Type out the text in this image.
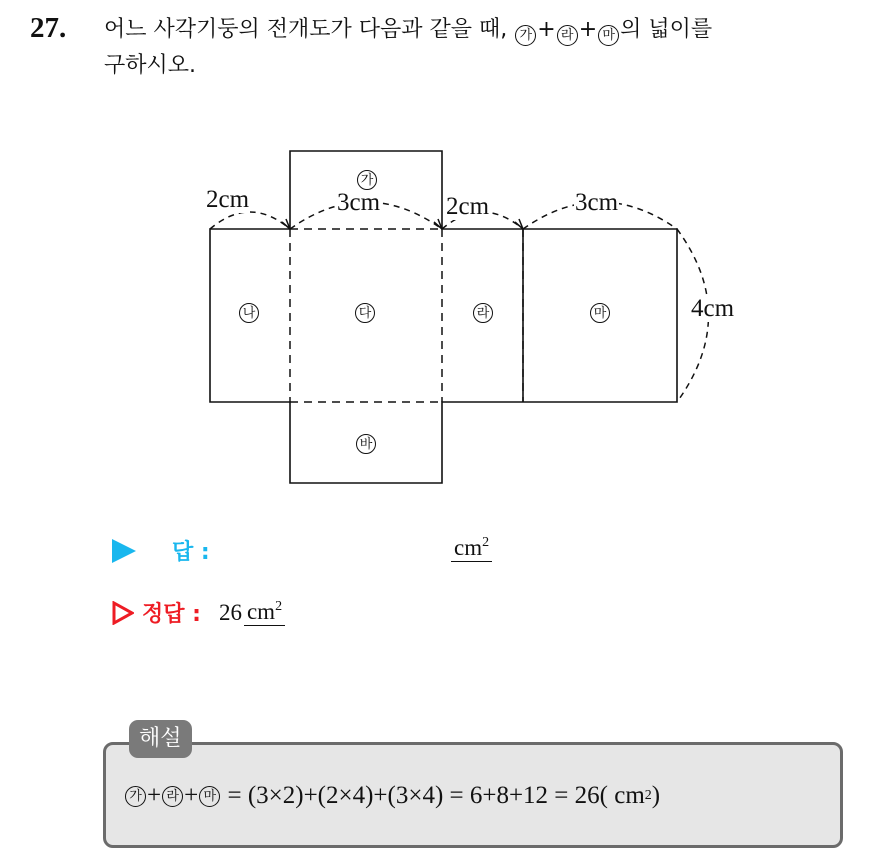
27. 어느 사각기둥의 전개도가 다음과 같을 때, 가 + 라 + 마 의 넓이를
구하시오.
가
나	다	라	마
바
2cm	3cm	2cm	3cm
4cm
답 :	$cm^2$
정답 : 26 $cm^2$
해설
가 + 라 + 마 = (3×2)+(2×4)+(3×4) = 6+8+12 = 26( cm 2 )
